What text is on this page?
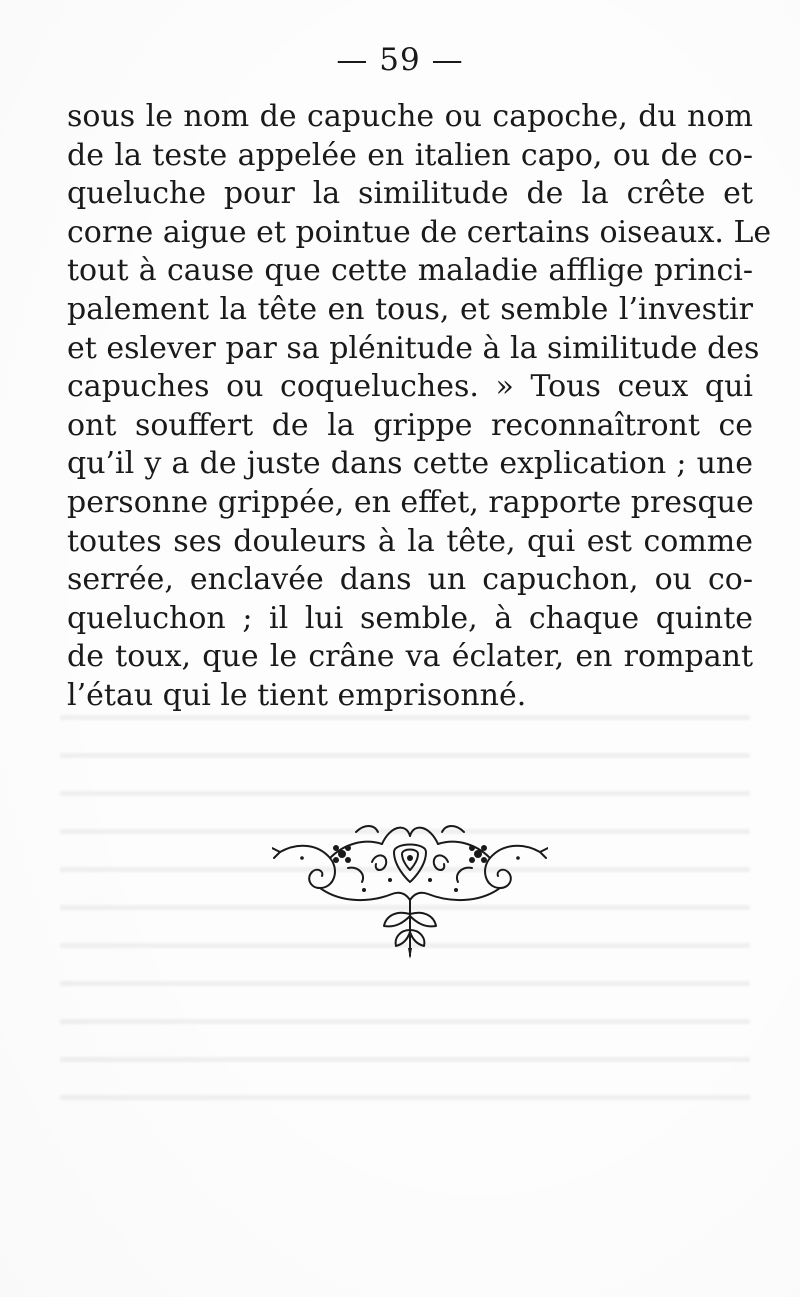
— 59 —
sous le nom de capuche ou capoche, du nom
de la teste appelée en italien capo, ou de co-
queluche pour la similitude de la crête et
corne aigue et pointue de certains oiseaux. Le
tout à cause que cette maladie afflige princi-
palement la tête en tous, et semble l’investir
et eslever par sa plénitude à la similitude des
capuches ou coqueluches. » Tous ceux qui
ont souffert de la grippe reconnaîtront ce
qu’il y a de juste dans cette explication ; une
personne grippée, en effet, rapporte presque
toutes ses douleurs à la tête, qui est comme
serrée, enclavée dans un capuchon, ou co-
queluchon ; il lui semble, à chaque quinte
de toux, que le crâne va éclater, en rompant
l’étau qui le tient emprisonné.
